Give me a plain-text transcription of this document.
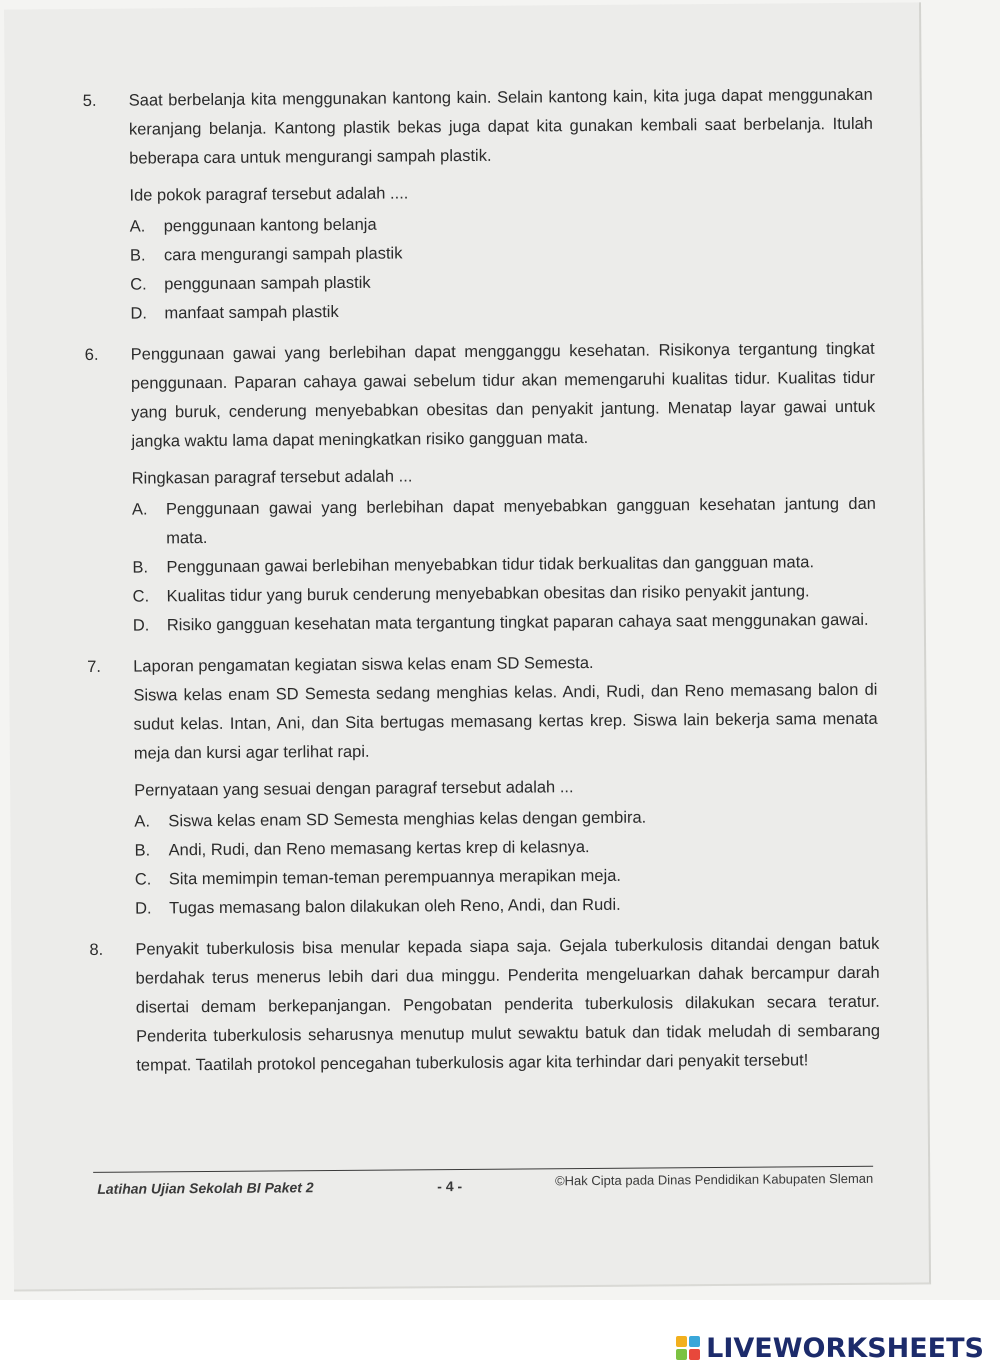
5. Saat berbelanja kita menggunakan kantong kain. Selain kantong kain, kita juga dapat menggunakan keranjang belanja. Kantong plastik bekas juga dapat kita gunakan kembali saat berbelanja. Itulah beberapa cara untuk mengurangi sampah plastik.

Ide pokok paragraf tersebut adalah ....

A. penggunaan kantong belanja
B. cara mengurangi sampah plastik
C. penggunaan sampah plastik
D. manfaat sampah plastik
6. Penggunaan gawai yang berlebihan dapat mengganggu kesehatan. Risikonya tergantung tingkat penggunaan. Paparan cahaya gawai sebelum tidur akan memengaruhi kualitas tidur. Kualitas tidur yang buruk, cenderung menyebabkan obesitas dan penyakit jantung. Menatap layar gawai untuk jangka waktu lama dapat meningkatkan risiko gangguan mata.

Ringkasan paragraf tersebut adalah ...

A. Penggunaan gawai yang berlebihan dapat menyebabkan gangguan kesehatan jantung dan mata.
B. Penggunaan gawai berlebihan menyebabkan tidur tidak berkualitas dan gangguan mata.
C. Kualitas tidur yang buruk cenderung menyebabkan obesitas dan risiko penyakit jantung.
D. Risiko gangguan kesehatan mata tergantung tingkat paparan cahaya saat menggunakan gawai.
7. Laporan pengamatan kegiatan siswa kelas enam SD Semesta.

Siswa kelas enam SD Semesta sedang menghias kelas. Andi, Rudi, dan Reno memasang balon di sudut kelas. Intan, Ani, dan Sita bertugas memasang kertas krep. Siswa lain bekerja sama menata meja dan kursi agar terlihat rapi.

Pernyataan yang sesuai dengan paragraf tersebut adalah ...

A. Siswa kelas enam SD Semesta menghias kelas dengan gembira.
B. Andi, Rudi, dan Reno memasang kertas krep di kelasnya.
C. Sita memimpin teman-teman perempuannya merapikan meja.
D. Tugas memasang balon dilakukan oleh Reno, Andi, dan Rudi.
8. Penyakit tuberkulosis bisa menular kepada siapa saja. Gejala tuberkulosis ditandai dengan batuk berdahak terus menerus lebih dari dua minggu. Penderita mengeluarkan dahak bercampur darah disertai demam berkepanjangan. Pengobatan penderita tuberkulosis dilakukan secara teratur. Penderita tuberkulosis seharusnya menutup mulut sewaktu batuk dan tidak meludah di sembarang tempat. Taatilah protokol pencegahan tuberkulosis agar kita terhindar dari penyakit tersebut!

Latihan Ujian Sekolah BI Paket 2	- 4 -	©Hak Cipta pada Dinas Pendidikan Kabupaten Sleman
LIVEWORKSHEETS
